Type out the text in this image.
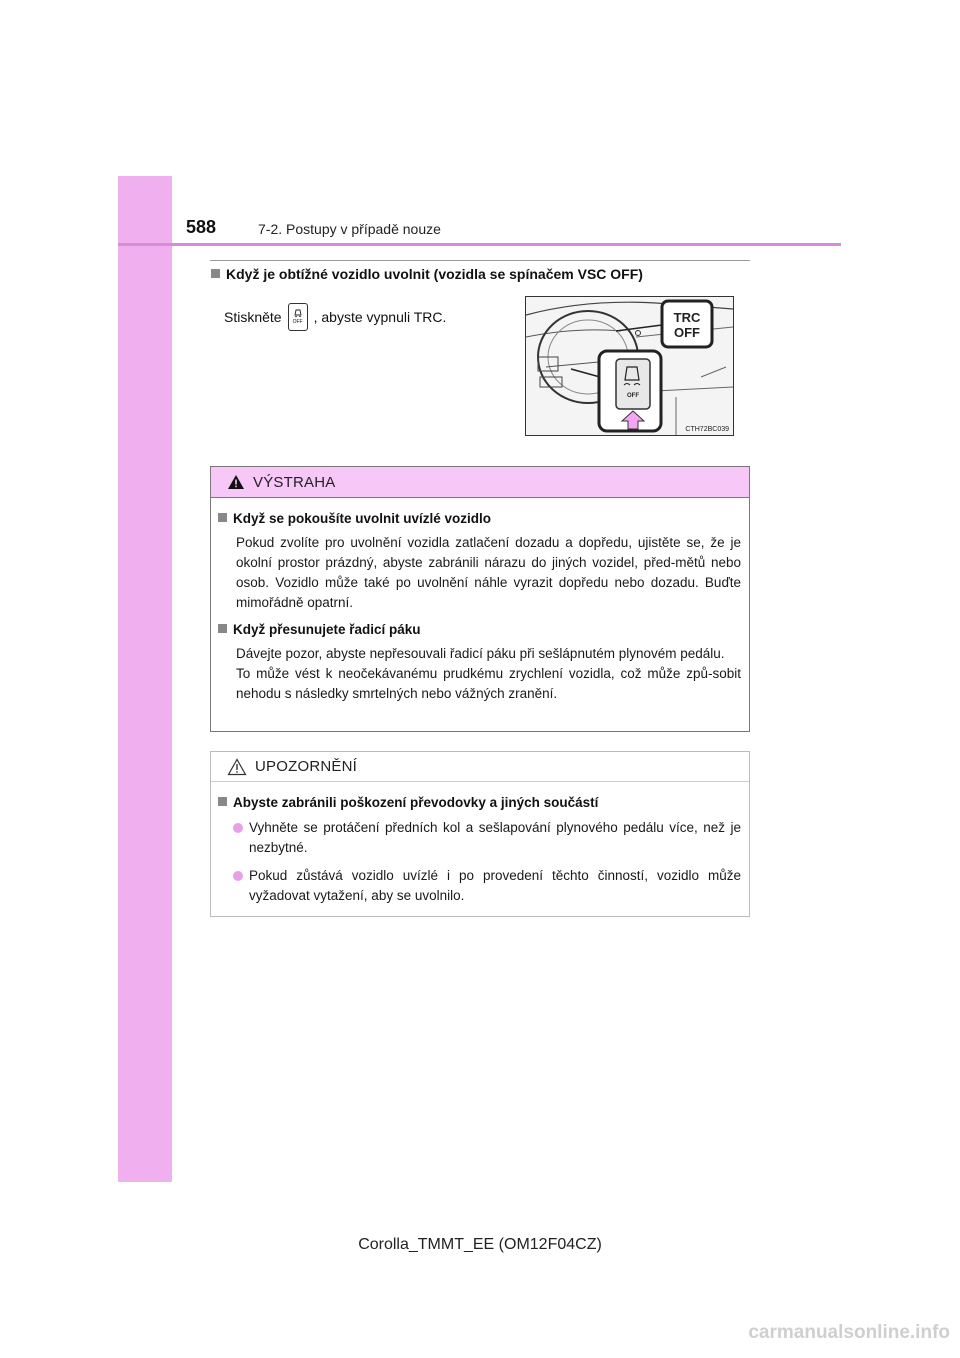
588	7-2. Postupy v případě nouze
Když je obtížné vozidlo uvolnit (vozidla se spínačem VSC OFF)
Stiskněte OFF , abyste vypnuli TRC.	TRC
OFF
OFF
CTH72BC039
VÝSTRAHA
Když se pokoušíte uvolnit uvízlé vozidlo
Pokud zvolíte pro uvolnění vozidla zatlačení dozadu a dopředu, ujistěte se, že je okolní prostor prázdný, abyste zabránili nárazu do jiných vozidel, před-mětů nebo osob. Vozidlo může také po uvolnění náhle vyrazit dopředu nebo dozadu. Buďte mimořádně opatrní.
Když přesunujete řadicí páku
Dávejte pozor, abyste nepřesouvali řadicí páku při sešlápnutém plynovém pedálu.
To může vést k neočekávanému prudkému zrychlení vozidla, což může způ-sobit nehodu s následky smrtelných nebo vážných zranění.
UPOZORNĚNÍ
Abyste zabránili poškození převodovky a jiných součástí
Vyhněte se protáčení předních kol a sešlapování plynového pedálu více, než je nezbytné.
Pokud zůstává vozidlo uvízlé i po provedení těchto činností, vozidlo může vyžadovat vytažení, aby se uvolnilo.
Corolla_TMMT_EE (OM12F04CZ)
carmanualsonline.info
